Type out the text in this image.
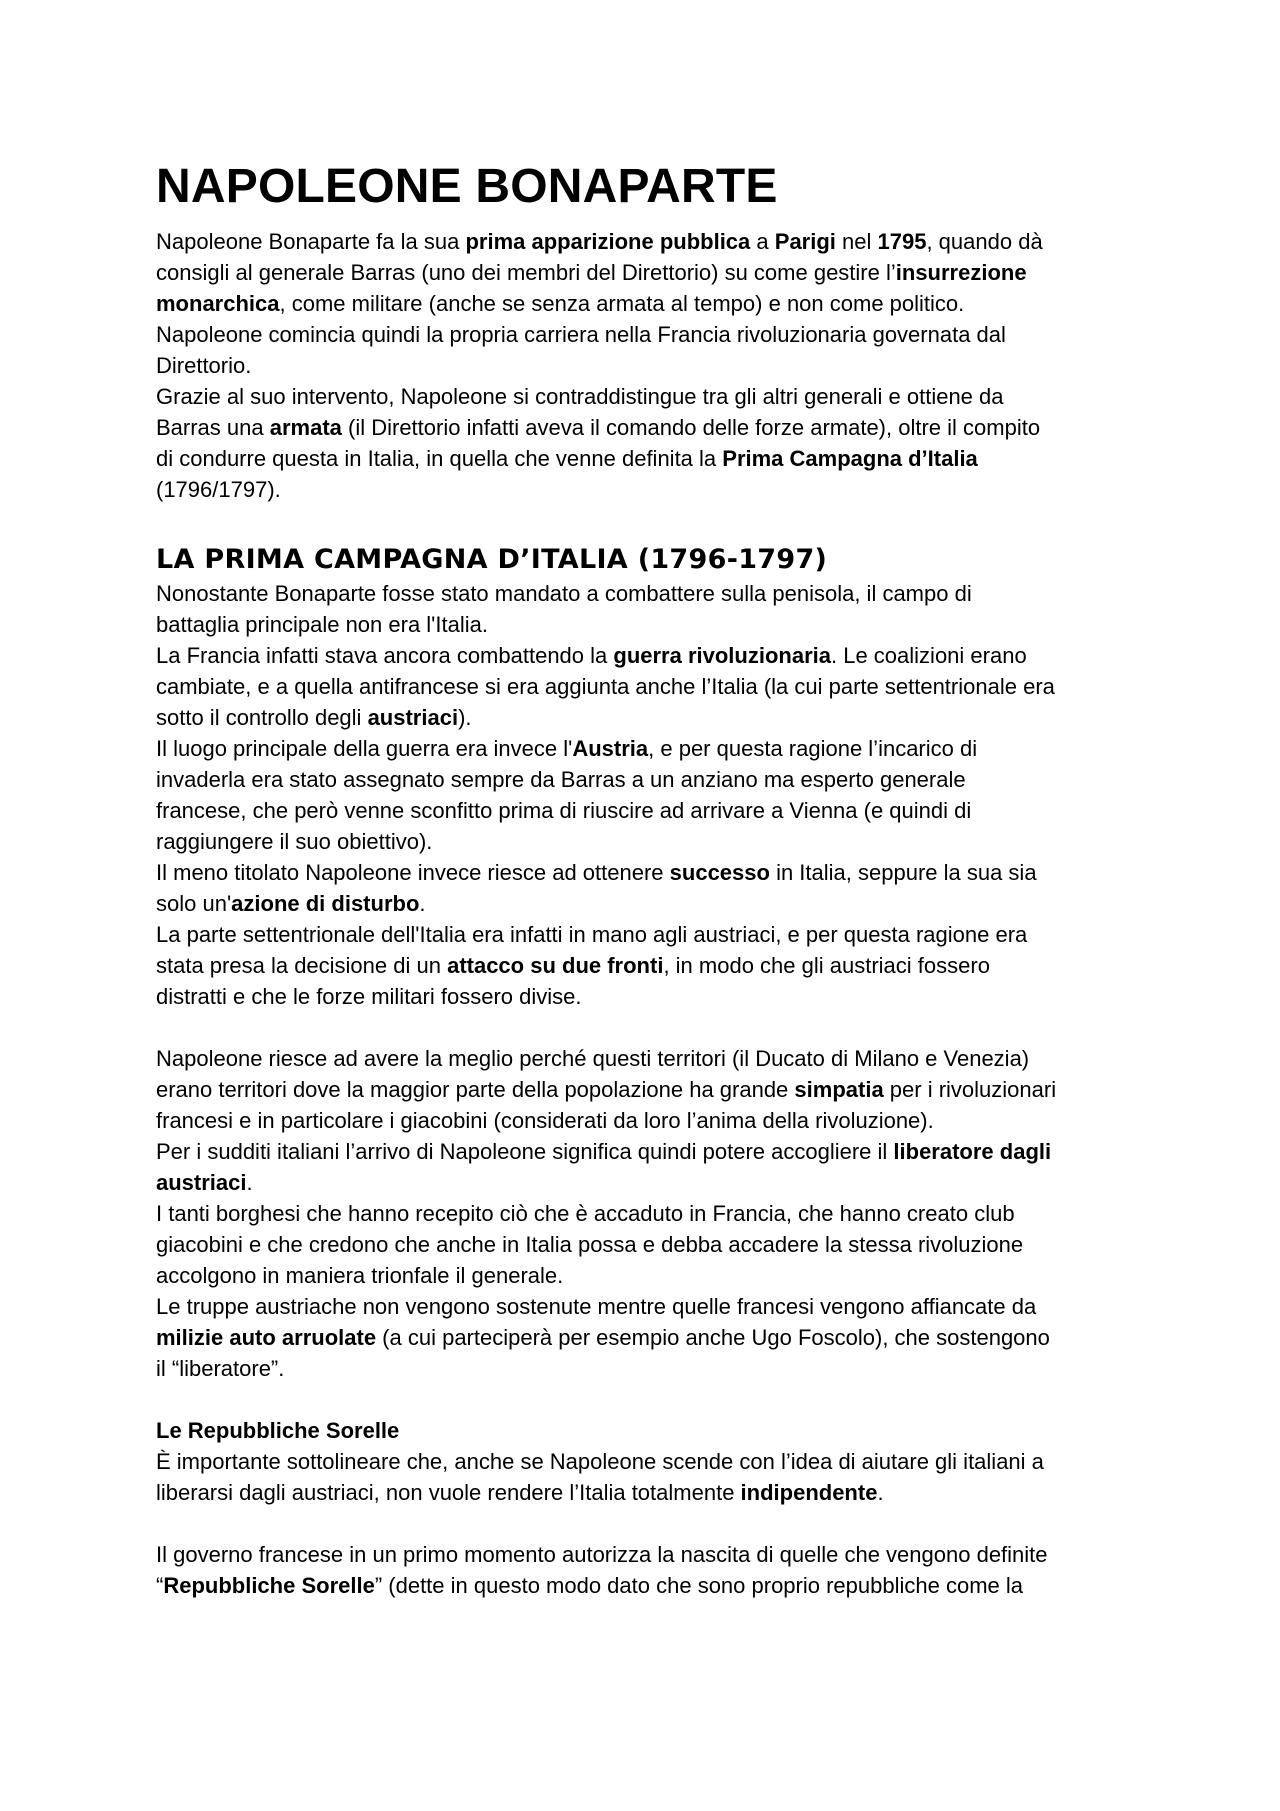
NAPOLEONE BONAPARTE

Napoleone Bonaparte fa la sua prima apparizione pubblica a Parigi nel 1795, quando dà
consigli al generale Barras (uno dei membri del Direttorio) su come gestire l’insurrezione
monarchica, come militare (anche se senza armata al tempo) e non come politico.
Napoleone comincia quindi la propria carriera nella Francia rivoluzionaria governata dal
Direttorio.
Grazie al suo intervento, Napoleone si contraddistingue tra gli altri generali e ottiene da
Barras una armata (il Direttorio infatti aveva il comando delle forze armate), oltre il compito
di condurre questa in Italia, in quella che venne definita la Prima Campagna d’Italia
(1796/1797).

LA PRIMA CAMPAGNA D’ITALIA (1796-1797)

Nonostante Bonaparte fosse stato mandato a combattere sulla penisola, il campo di
battaglia principale non era l'Italia.
La Francia infatti stava ancora combattendo la guerra rivoluzionaria. Le coalizioni erano
cambiate, e a quella antifrancese si era aggiunta anche l’Italia (la cui parte settentrionale era
sotto il controllo degli austriaci).
Il luogo principale della guerra era invece l'Austria, e per questa ragione l’incarico di
invaderla era stato assegnato sempre da Barras a un anziano ma esperto generale
francese, che però venne sconfitto prima di riuscire ad arrivare a Vienna (e quindi di
raggiungere il suo obiettivo).
Il meno titolato Napoleone invece riesce ad ottenere successo in Italia, seppure la sua sia
solo un'azione di disturbo.
La parte settentrionale dell'Italia era infatti in mano agli austriaci, e per questa ragione era
stata presa la decisione di un attacco su due fronti, in modo che gli austriaci fossero
distratti e che le forze militari fossero divise.

Napoleone riesce ad avere la meglio perché questi territori (il Ducato di Milano e Venezia)
erano territori dove la maggior parte della popolazione ha grande simpatia per i rivoluzionari
francesi e in particolare i giacobini (considerati da loro l’anima della rivoluzione).
Per i sudditi italiani l’arrivo di Napoleone significa quindi potere accogliere il liberatore dagli
austriaci.
I tanti borghesi che hanno recepito ciò che è accaduto in Francia, che hanno creato club
giacobini e che credono che anche in Italia possa e debba accadere la stessa rivoluzione
accolgono in maniera trionfale il generale.
Le truppe austriache non vengono sostenute mentre quelle francesi vengono affiancate da
milizie auto arruolate (a cui parteciperà per esempio anche Ugo Foscolo), che sostengono
il “liberatore”.

Le Repubbliche Sorelle

È importante sottolineare che, anche se Napoleone scende con l’idea di aiutare gli italiani a
liberarsi dagli austriaci, non vuole rendere l’Italia totalmente indipendente.

Il governo francese in un primo momento autorizza la nascita di quelle che vengono definite
“Repubbliche Sorelle” (dette in questo modo dato che sono proprio repubbliche come la
